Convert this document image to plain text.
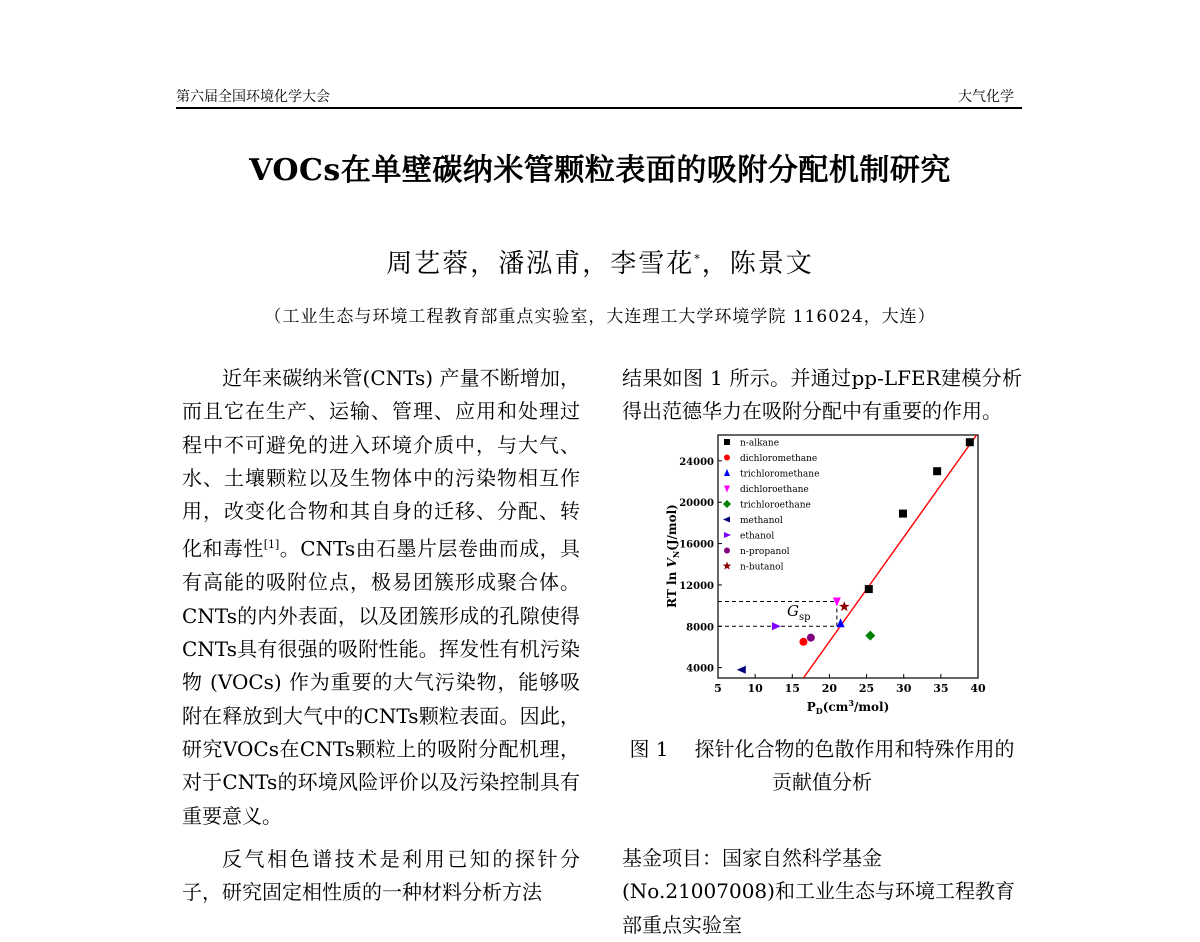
第六届全国环境化学大会	大气化学
VOCs在单壁碳纳米管颗粒表面的吸附分配机制研究
周艺蓉，潘泓甫，李雪花*，陈景文
（工业生态与环境工程教育部重点实验室，大连理工大学环境学院 116024，大连）

近年来碳纳米管(CNTs) 产量不断增加，而且它在生产、运输、管理、应用和处理过程中不可避免的进入环境介质中，与大气、水、土壤颗粒以及生物体中的污染物相互作用，改变化合物和其自身的迁移、分配、转化和毒性[1]。CNTs由石墨片层卷曲而成，具有高能的吸附位点，极易团簇形成聚合体。CNTs的内外表面，以及团簇形成的孔隙使得CNTs具有很强的吸附性能。挥发性有机污染物 (VOCs) 作为重要的大气污染物，能够吸附在释放到大气中的CNTs颗粒表面。因此，研究VOCs在CNTs颗粒上的吸附分配机理，对于CNTs的环境风险评价以及污染控制具有重要意义。

反气相色谱技术是利用已知的探针分子，研究固定相性质的一种材料分析方法

结果如图 1 所示。并通过pp-LFER建模分析得出范德华力在吸附分配中有重要的作用。

5 10 15 20 25 30 35 40
4000
8000
12000
16000
20000
24000
n-alkane
dichloromethane
trichloromethane
dichloroethane
trichloroethane
methanol
ethanol
n-propanol
n-butanol
$G_{sp}$
$P_D(cm^3/mol)$
RT $\ln V_N(J/mol)$
图 1 探针化合物的色散作用和特殊作用的贡献值分析

基金项目：国家自然科学基金(No.21007008)和工业生态与环境工程教育部重点实验室
